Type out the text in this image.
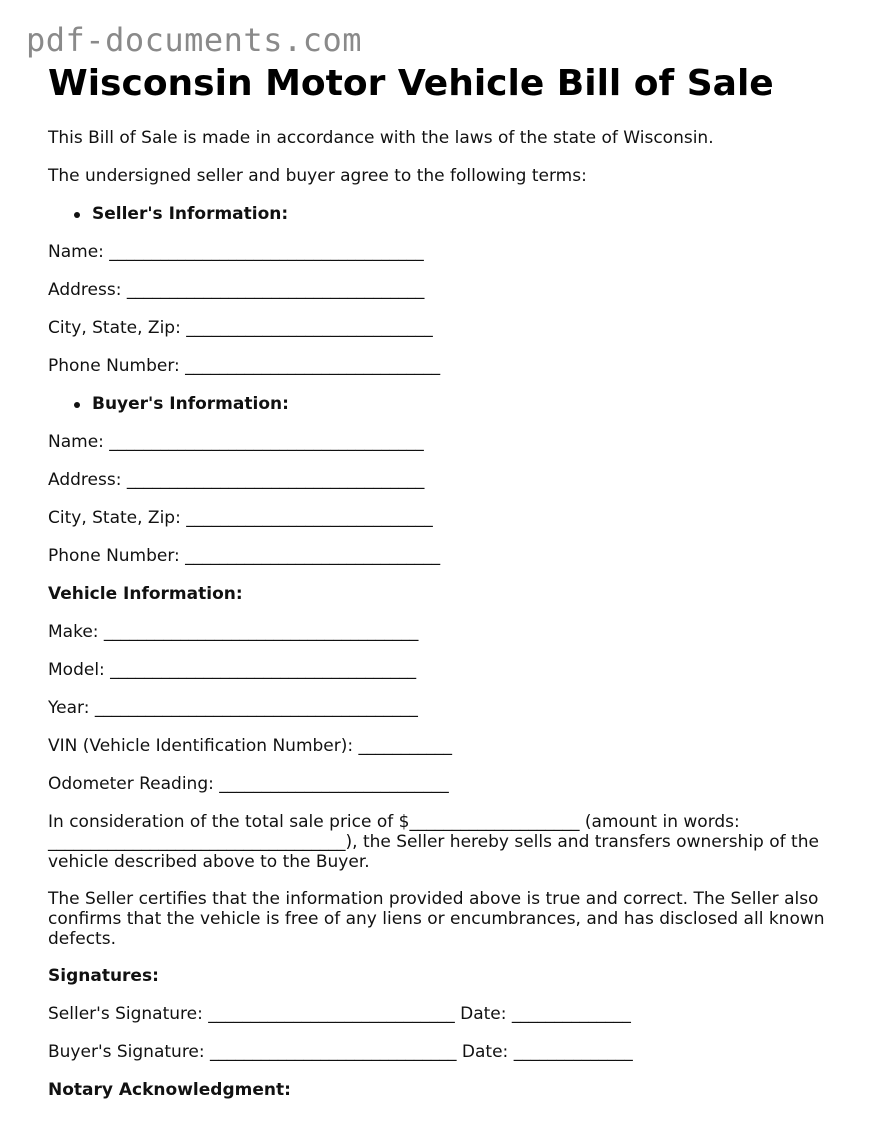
pdf-documents.com
Wisconsin Motor Vehicle Bill of Sale

This Bill of Sale is made in accordance with the laws of the state of Wisconsin.

The undersigned seller and buyer agree to the following terms:

Seller's Information:
Name: _____________________________________
Address: ___________________________________
City, State, Zip: _____________________________
Phone Number: ______________________________
Buyer's Information:
Name: _____________________________________
Address: ___________________________________
City, State, Zip: _____________________________
Phone Number: ______________________________
Vehicle Information:
Make: _____________________________________
Model: ____________________________________
Year: ______________________________________
VIN (Vehicle Identification Number): ___________
Odometer Reading: ___________________________
In consideration of the total sale price of $____________________ (amount in words: ___________________________________), the Seller hereby sells and transfers ownership of the vehicle described above to the Buyer.
The Seller certifies that the information provided above is true and correct. The Seller also confirms that the vehicle is free of any liens or encumbrances, and has disclosed all known defects.
Signatures:
Seller's Signature: _____________________________ Date: ______________
Buyer's Signature: _____________________________ Date: ______________
Notary Acknowledgment:
